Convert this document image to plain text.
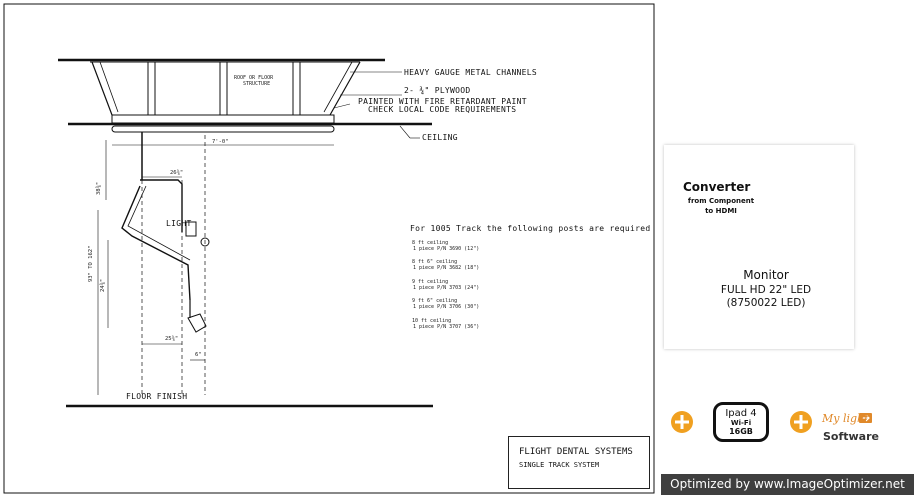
ROOF OR FLOOR
STRUCTURE
HEAVY GAUGE METAL CHANNELS
2- ¾" PLYWOOD
PAINTED WITH FIRE RETARDANT PAINT
CHECK LOCAL CODE REQUIREMENTS
CEILING
LIGHT
7'-0"
26¾"
38¾"
93" TO 162"
24¾"
25¾"
6"
FLOOR FINISH
For 1005 Track the following posts are required
8 ft ceiling
1 piece P/N 3690 (12")
8 ft 6" ceiling
1 piece P/N 3682 (18")
9 ft ceiling
1 piece P/N 3703 (24")
9 ft 6" ceiling
1 piece P/N 3706 (30")
10 ft ceiling
1 piece P/N 3707 (36")
Converter
from Component
to HDMI
Monitor
FULL HD 22" LED
(8750022 LED)
Ipad 4
Wi-Fi
16GB
My light
Software
FLIGHT DENTAL SYSTEMS
SINGLE TRACK SYSTEM
Optimized by www.ImageOptimizer.net
